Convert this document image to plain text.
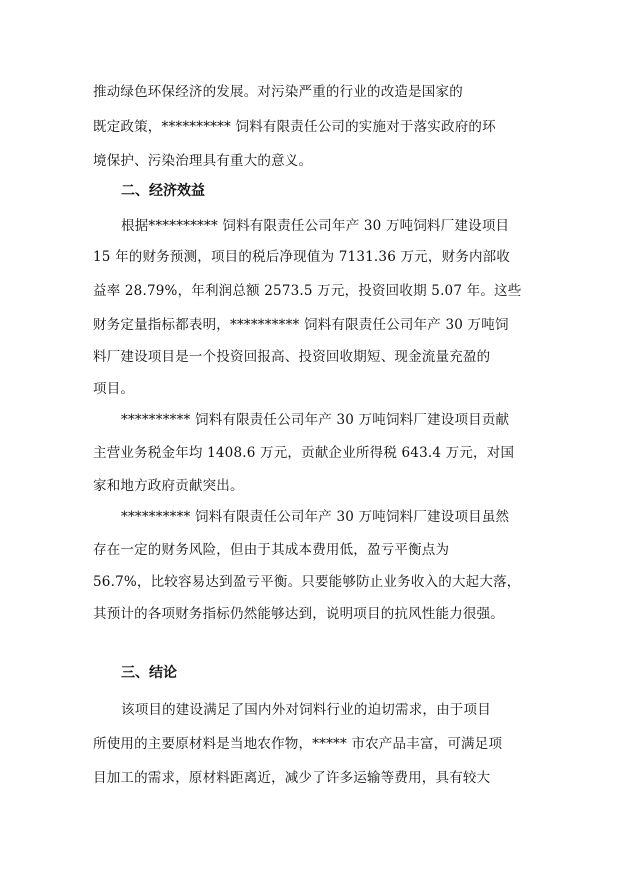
推动绿色环保经济的发展。对污染严重的行业的改造是国家的
既定政策，********** 饲料有限责任公司的实施对于落实政府的环
境保护、污染治理具有重大的意义。
二、经济效益
根据********** 饲料有限责任公司年产 30 万吨饲料厂建设项目
15 年的财务预测，项目的税后净现值为 7131.36 万元，财务内部收
益率 28.79%，年利润总额 2573.5 万元，投资回收期 5.07 年。这些
财务定量指标都表明，********** 饲料有限责任公司年产 30 万吨饲
料厂建设项目是一个投资回报高、投资回收期短、现金流量充盈的
项目。
********** 饲料有限责任公司年产 30 万吨饲料厂建设项目贡献
主营业务税金年均 1408.6 万元，贡献企业所得税 643.4 万元，对国
家和地方政府贡献突出。
********** 饲料有限责任公司年产 30 万吨饲料厂建设项目虽然
存在一定的财务风险，但由于其成本费用低，盈亏平衡点为
56.7%，比较容易达到盈亏平衡。只要能够防止业务收入的大起大落，
其预计的各项财务指标仍然能够达到，说明项目的抗风性能力很强。
三、结论
该项目的建设满足了国内外对饲料行业的迫切需求，由于项目
所使用的主要原材料是当地农作物，***** 市农产品丰富，可满足项
目加工的需求，原材料距离近，减少了许多运输等费用，具有较大
